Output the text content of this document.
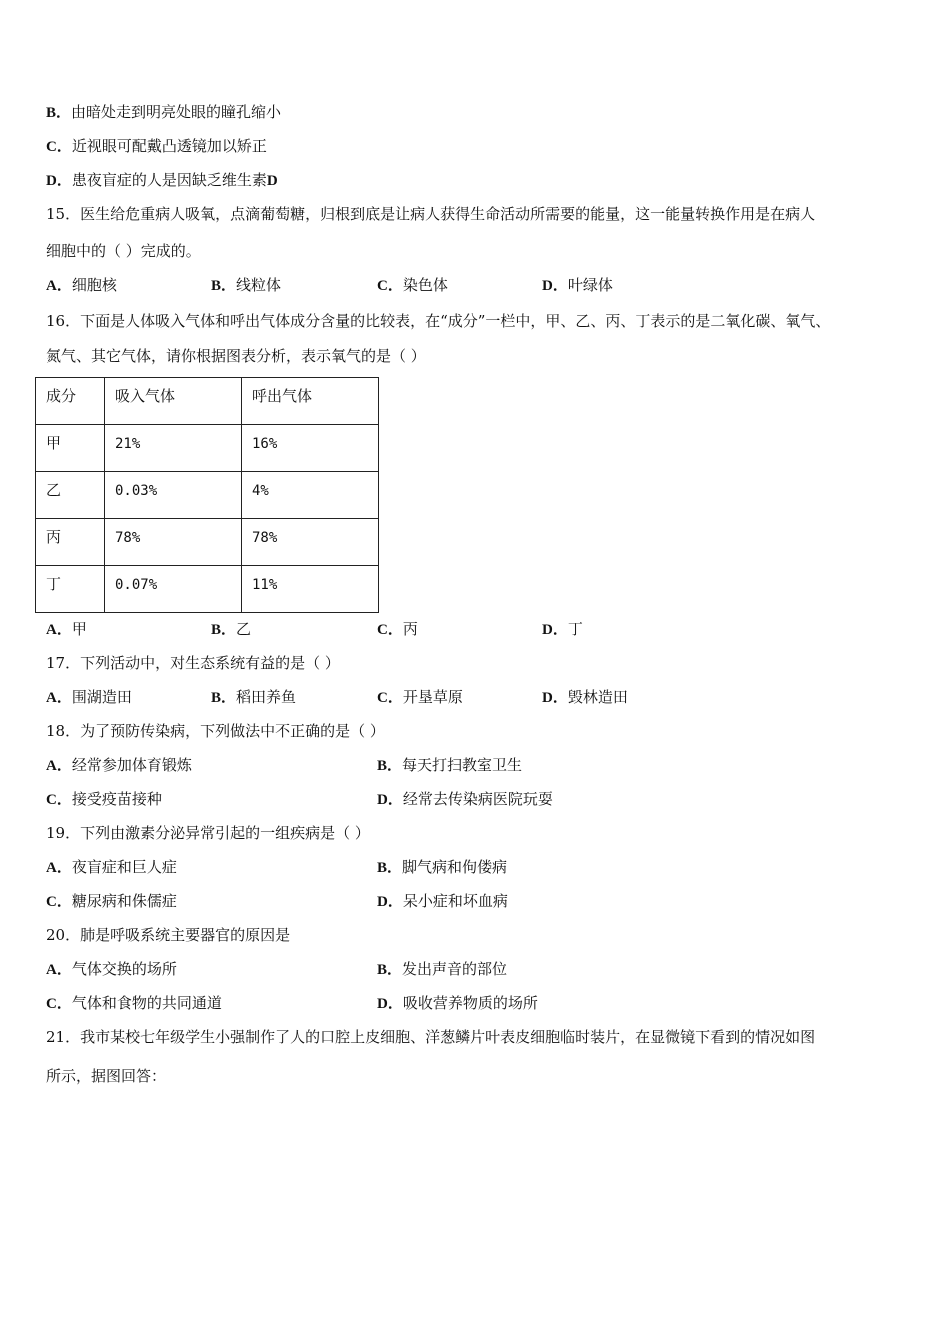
B．由暗处走到明亮处眼的瞳孔缩小
C．近视眼可配戴凸透镜加以矫正
D．患夜盲症的人是因缺乏维生素D
15．医生给危重病人吸氧，点滴葡萄糖，归根到底是让病人获得生命活动所需要的能量，这一能量转换作用是在病人
细胞中的（ ）完成的。
A．细胞核	B．线粒体	C．染色体	D．叶绿体
16．下面是人体吸入气体和呼出气体成分含量的比较表，在“成分”一栏中，甲、乙、丙、丁表示的是二氧化碳、氧气、
氮气、其它气体，请你根据图表分析，表示氧气的是（ ）
成分	吸入气体	呼出气体
甲	21%	16%
乙	0.03%	4%
丙	78%	78%
丁	0.07%	11%
A．甲	B．乙	C．丙	D．丁
17．下列活动中，对生态系统有益的是（ ）
A．围湖造田	B．稻田养鱼	C．开垦草原	D．毁林造田
18．为了预防传染病，下列做法中不正确的是（ ）
A．经常参加体育锻炼	B．每天打扫教室卫生
C．接受疫苗接种	D．经常去传染病医院玩耍
19．下列由激素分泌异常引起的一组疾病是（ ）
A．夜盲症和巨人症	B．脚气病和佝偻病
C．糖尿病和侏儒症	D．呆小症和坏血病
20．肺是呼吸系统主要器官的原因是
A．气体交换的场所	B．发出声音的部位
C．气体和食物的共同通道	D．吸收营养物质的场所
21．我市某校七年级学生小强制作了人的口腔上皮细胞、洋葱鳞片叶表皮细胞临时装片，在显微镜下看到的情况如图
所示，据图回答：
